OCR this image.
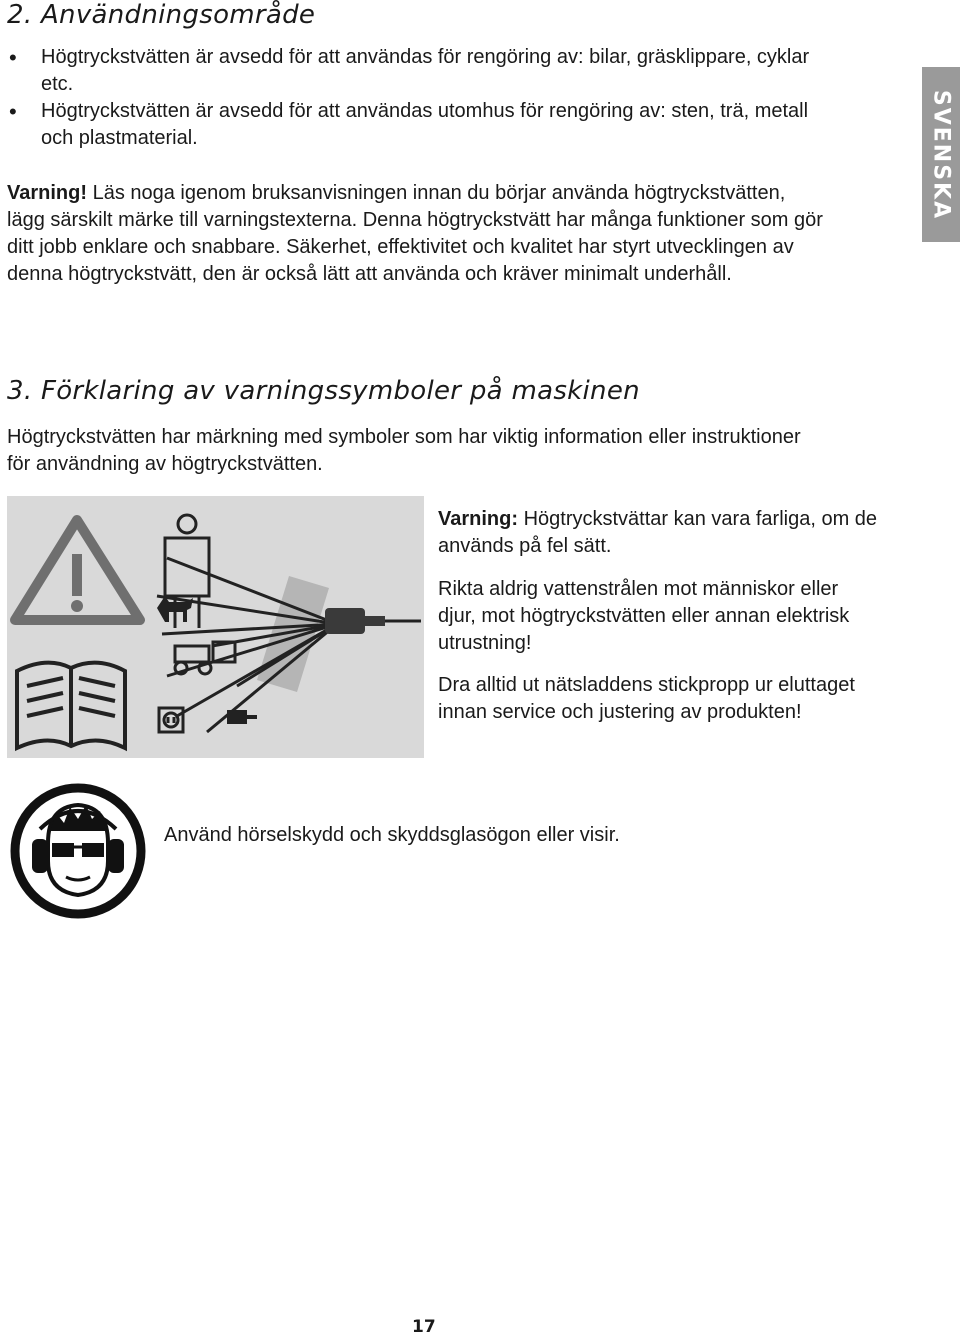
2. Användningsområde
• Högtryckstvätten är avsedd för att användas för rengöring av: bilar, gräsklippare, cyklar etc.
• Högtryckstvätten är avsedd för att användas utomhus för rengöring av: sten, trä, metall och plastmaterial.

Varning! Läs noga igenom bruksanvisningen innan du börjar använda högtryckstvätten, lägg särskilt märke till varningstexterna. Denna högtryckstvätt har många funktioner som gör ditt jobb enklare och snabbare. Säkerhet, effektivitet och kvalitet har styrt utvecklingen av denna högtryckstvätt, den är också lätt att använda och kräver minimalt underhåll.

SVENSKA
3. Förklaring av varningssymboler på maskinen

Högtryckstvätten har märkning med symboler som har viktig information eller instruktioner för användning av högtryckstvätten.

Varning: Högtryckstvättar kan vara farliga, om de används på fel sätt.

Rikta aldrig vattenstrålen mot människor eller djur, mot högtryckstvätten eller annan elektrisk utrustning!

Dra alltid ut nätsladdens stickpropp ur eluttaget innan service och justering av produkten!

Använd hörselskydd och skyddsglasögon eller visir.

17
